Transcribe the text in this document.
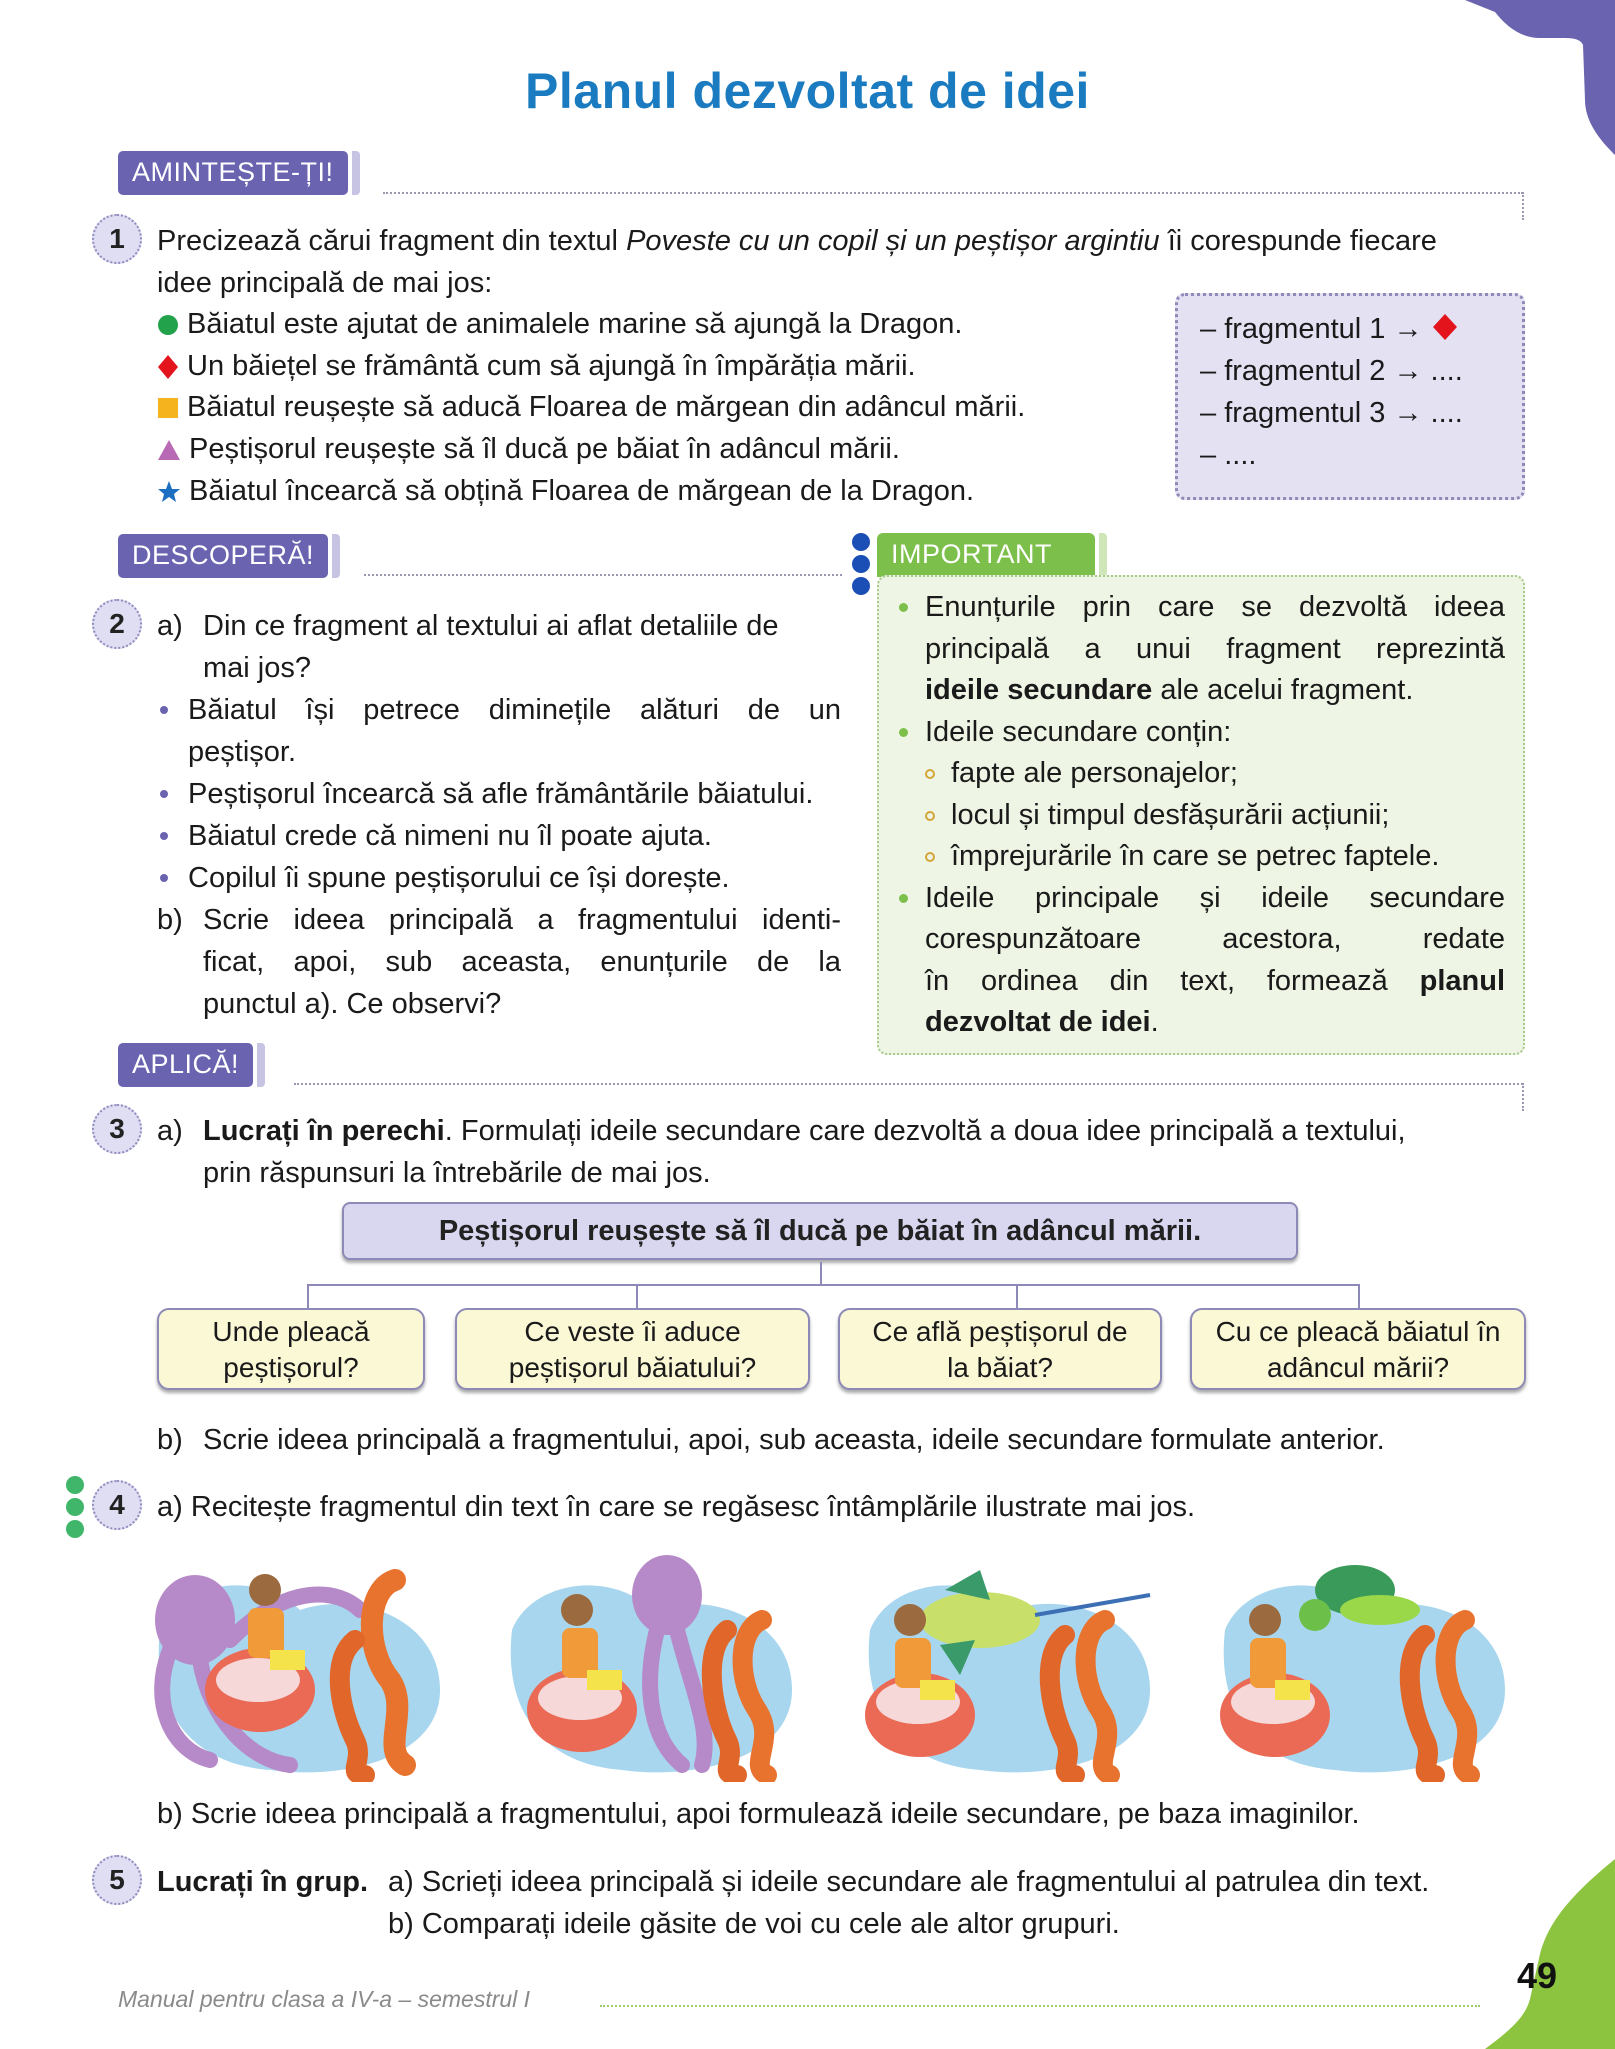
Planul dezvoltat de idei
AMINTEȘTE-ȚI!
1	Precizează cărui fragment din textul Poveste cu un copil și un peștișor argintiu îi corespunde fiecare
idee principală de mai jos:
Băiatul este ajutat de animalele marine să ajungă la Dragon.
Un băiețel se frământă cum să ajungă în împărăția mării.
Băiatul reușește să aducă Floarea de mărgean din adâncul mării.
Peștișorul reușește să îl ducă pe băiat în adâncul mării.
Băiatul încearcă să obțină Floarea de mărgean de la Dragon.
– fragmentul 1 →
– fragmentul 2 → ....
– fragmentul 3 → ....
– ....
DESCOPERĂ!
2	a) Din ce fragment al textului ai aflat detaliile de
mai jos?
Băiatul își petrece diminețile alături de un
peștișor.
Peștișorul încearcă să afle frământările băiatului.
Băiatul crede că nimeni nu îl poate ajuta.
Copilul îi spune peștișorului ce își dorește.
b) Scrie ideea principală a fragmentului identi-
ficat, apoi, sub aceasta, enunțurile de la
punctul a). Ce observi?
IMPORTANT
Enunțurile prin care se dezvoltă ideea
principală a unui fragment reprezintă
ideile secundare ale acelui fragment.
Ideile secundare conțin:
fapte ale personajelor;
locul și timpul desfășurării acțiunii;
împrejurările în care se petrec faptele.
Ideile principale și ideile secundare
corespunzătoare acestora, redate
în ordinea din text, formează planul
dezvoltat de idei.
APLICĂ!
3	a) Lucrați în perechi. Formulați ideile secundare care dezvoltă a doua idee principală a textului,
prin răspunsuri la întrebările de mai jos.
Peștișorul reușește să îl ducă pe băiat în adâncul mării.
Unde pleacă
peștișorul?
Ce veste îi aduce
peștișorul băiatului?
Ce află peștișorul de
la băiat?
Cu ce pleacă băiatul în
adâncul mării?
b) Scrie ideea principală a fragmentului, apoi, sub aceasta, ideile secundare formulate anterior.
4	a) Recitește fragmentul din text în care se regăsesc întâmplările ilustrate mai jos.
b) Scrie ideea principală a fragmentului, apoi formulează ideile secundare, pe baza imaginilor.
5	Lucrați în grup. a) Scrieți ideea principală și ideile secundare ale fragmentului al patrulea din text.
b) Comparați ideile găsite de voi cu cele ale altor grupuri.
Manual pentru clasa a IV-a – semestrul I
49
